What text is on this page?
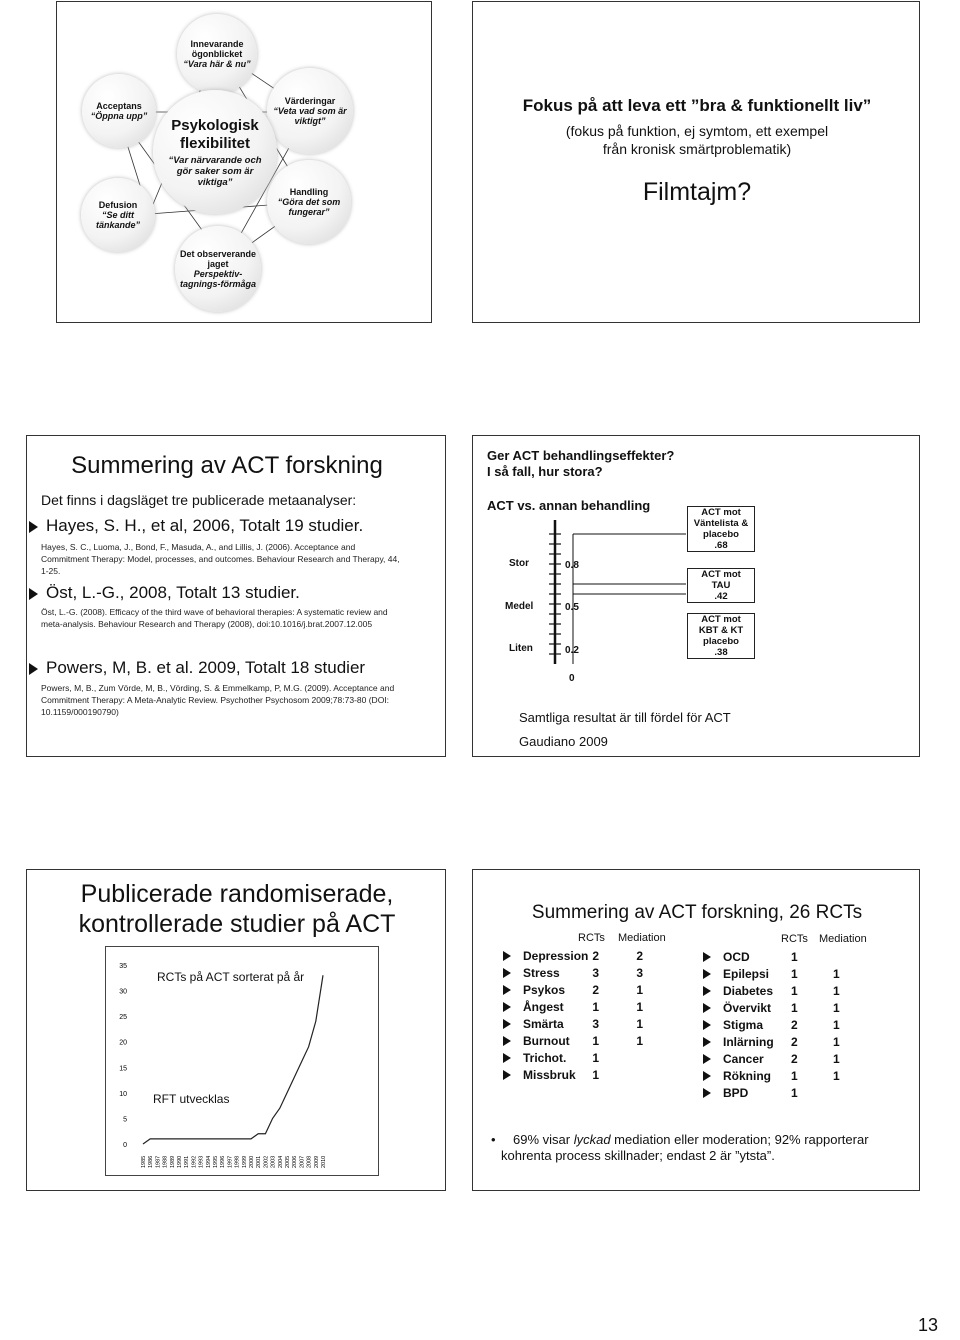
Innevarande ögonblicket
“Vara här & nu”
Acceptans
“Öppna upp”
Värderingar
“Veta vad som är viktigt”
Defusion
“Se ditt tänkande”
Handling
“Göra det som fungerar”
Det observerande jaget
Perspektiv-tagnings-förmåga
Psykologisk flexibilitet
“Var närvarande och gör saker som är viktiga”
Fokus på att leva ett ”bra & funktionellt liv”
(fokus på funktion, ej symtom, ett exempel
från kronisk smärtproblematik)
Filmtajm?
Summering av ACT forskning
Det finns i dagsläget tre publicerade metaanalyser:
Hayes, S. H., et al, 2006, Totalt 19 studier.
Hayes, S. C., Luoma, J., Bond, F., Masuda, A., and Lillis, J. (2006). Acceptance and Commitment Therapy: Model, processes, and outcomes. Behaviour Research and Therapy, 44, 1-25.
Öst, L.-G., 2008, Totalt 13 studier.
Öst, L.-G. (2008). Efficacy of the third wave of behavioral therapies: A systematic review and meta-analysis. Behaviour Research and Therapy (2008), doi:10.1016/j.brat.2007.12.005
Powers, M, B. et al. 2009, Totalt 18 studier
Powers, M, B., Zum Vörde, M, B., Vörding, S. & Emmelkamp, P, M.G. (2009). Acceptance and Commitment Therapy: A Meta-Analytic Review. Psychother Psychosom 2009;78:73-80 (DOI: 10.1159/000190790)
Ger ACT behandlingseffekter?
I så fall, hur stora?
ACT vs. annan behandling
Stor
Medel
Liten
0.8
0.5
0.2
0
ACT mot
Väntelista &
placebo
.68
ACT mot
TAU
.42
ACT mot
KBT & KT
placebo
.38
Samtliga resultat är till fördel för ACT
Gaudiano 2009
Publicerade randomiserade,
kontrollerade studier på ACT
0
5
10
15
20
25
30
35
1985 1986 1987 1988 1989 1990 1991 1992 1993 1994 1995 1996 1997 1998 1999 2000 2001 2002 2003 2004 2005 2006 2007 2008 2009 2010
RCTs på ACT sorterat på år
RFT utvecklas
Summering av ACT forskning, 26 RCTs
RCTs Mediation	RCTs Mediation
	Depression	2	2
	Stress	3	3
	Psykos	2	1
	Ångest	1	1
	Smärta	3	1
	Burnout	1	1
	Trichot.	1	
	Missbruk	1	
	OCD	1	
	Epilepsi	1	1
	Diabetes	1	1
	Övervikt	1	1
	Stigma	2	1
	Inlärning	2	1
	Cancer	2	1
	Rökning	1	1
	BPD	1	
• 69% visar lyckad mediation eller moderation; 92% rapporterar kohrenta process skillnader; endast 2 är ”ytsta”.
13
